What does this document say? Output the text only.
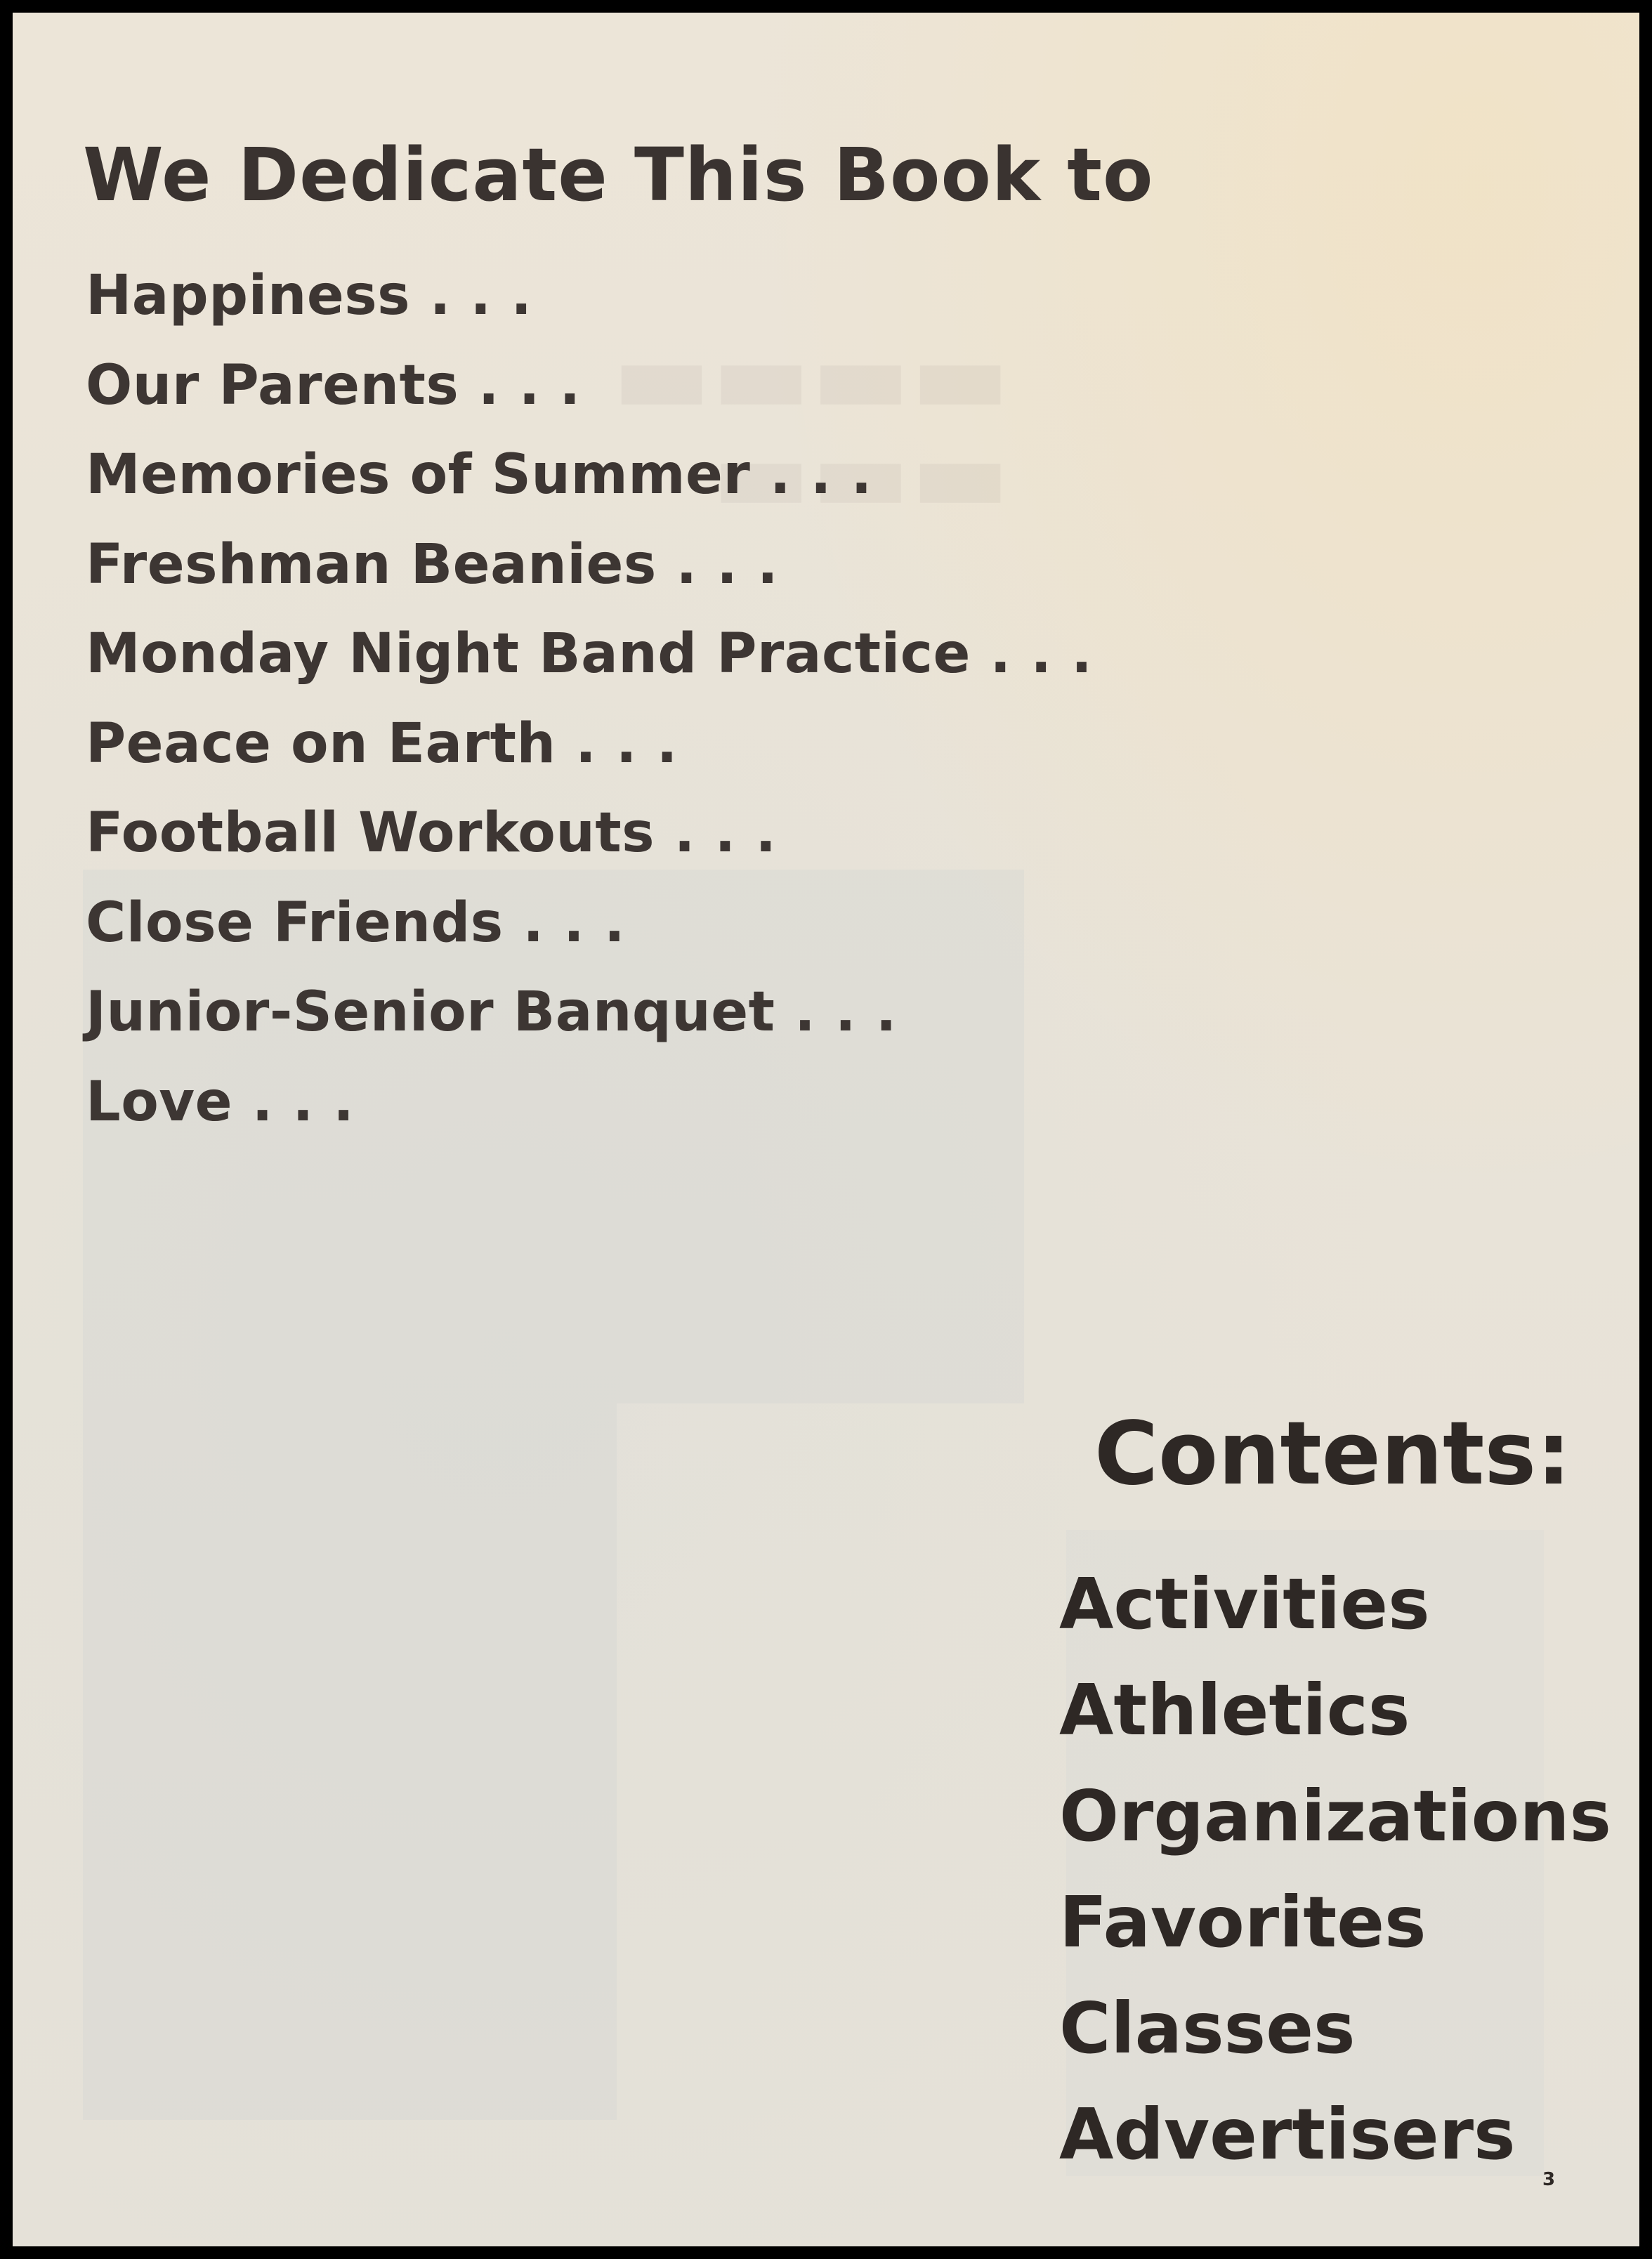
▬▬▬▬
▬▬▬
We Dedicate This Book to
Happiness . . .
Our Parents . . .
Memories of Summer . . .
Freshman Beanies . . .
Monday Night Band Practice . . .
Peace on Earth . . .
Football Workouts . . .
Close Friends . . .
Junior-Senior Banquet . . .
Love . . .
Contents:
Activities
Athletics
Organizations
Favorites
Classes
Advertisers
3
